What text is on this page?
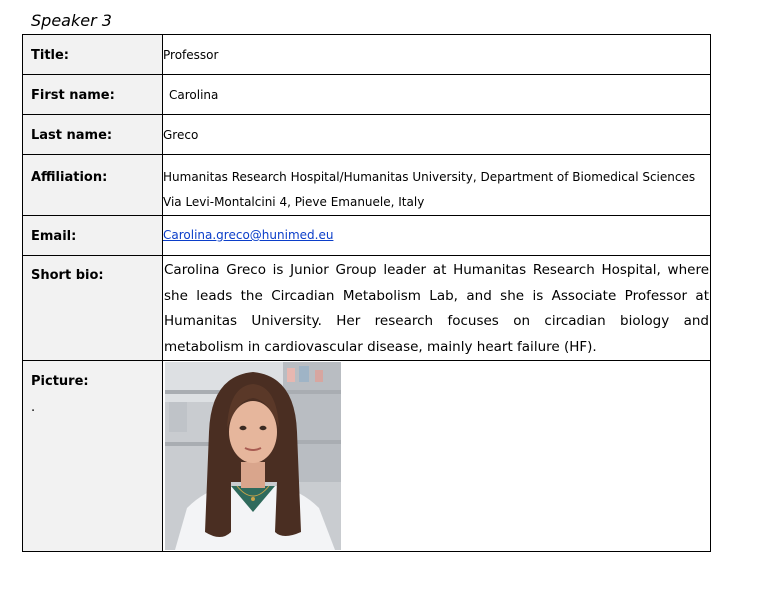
Speaker 3
Title:	Professor
First name:	Carolina
Last name:	Greco
Affiliation:	Humanitas Research Hospital/Humanitas University, Department of Biomedical Sciences Via Levi-Montalcini 4, Pieve Emanuele, Italy

Email:	Carolina.greco@hunimed.eu
Short bio:	Carolina Greco is Junior Group leader at Humanitas Research Hospital, where she leads the Circadian Metabolism Lab, and she is Associate Professor at Humanitas University. Her research focuses on circadian biology and metabolism in cardiovascular disease, mainly heart failure (HF).

Picture:
.
